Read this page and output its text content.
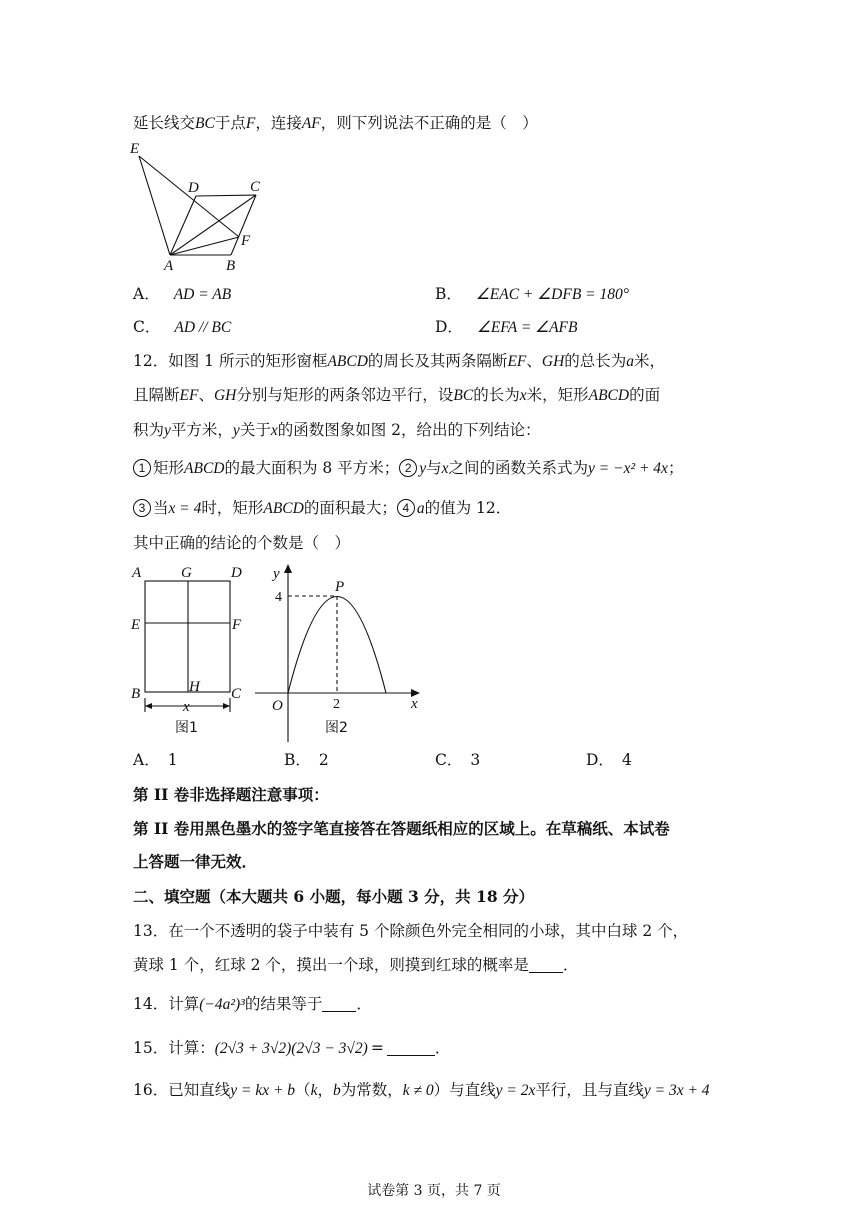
延长线交BC于点F，连接AF，则下列说法不正确的是（　）
E
D	C
F
A	B
A． AD = AB	B． ∠EAC + ∠DFB = 180°
C． AD // BC	D． ∠EFA = ∠AFB
12．如图 1 所示的矩形窗框ABCD的周长及其两条隔断EF、GH的总长为a米，
且隔断EF、GH分别与矩形的两条邻边平行，设BC的长为x米，矩形ABCD的面
积为y平方米，y关于x的函数图象如图 2，给出的下列结论：
1 矩形ABCD的最大面积为 8 平方米； 2 y与x之间的函数关系式为y = −x² + 4x；
3 当x = 4时，矩形ABCD的面积最大； 4 a的值为 12．
其中正确的结论的个数是（　）
A	G	D
E	F
B	H C
x
图1
y
P
4
O	2	x
图2
A． 1	B． 2	C． 3	D． 4
第 II 卷非选择题注意事项：
第 II 卷用黑色墨水的签字笔直接答在答题纸相应的区域上。在草稿纸、本试卷
上答题一律无效．
二、填空题（本大题共 6 小题，每小题 3 分，共 18 分）
13．在一个不透明的袋子中装有 5 个除颜色外完全相同的小球，其中白球 2 个，
黄球 1 个，红球 2 个，摸出一个球，则摸到红球的概率是 ．
14．计算(−4a²)³的结果等于 ．
15．计算：(2√3 + 3√2)(2√3 − 3√2) =	．
16．已知直线y = kx + b（k，b为常数，k ≠ 0）与直线y = 2x平行，且与直线y = 3x + 4
试卷第 3 页，共 7 页
